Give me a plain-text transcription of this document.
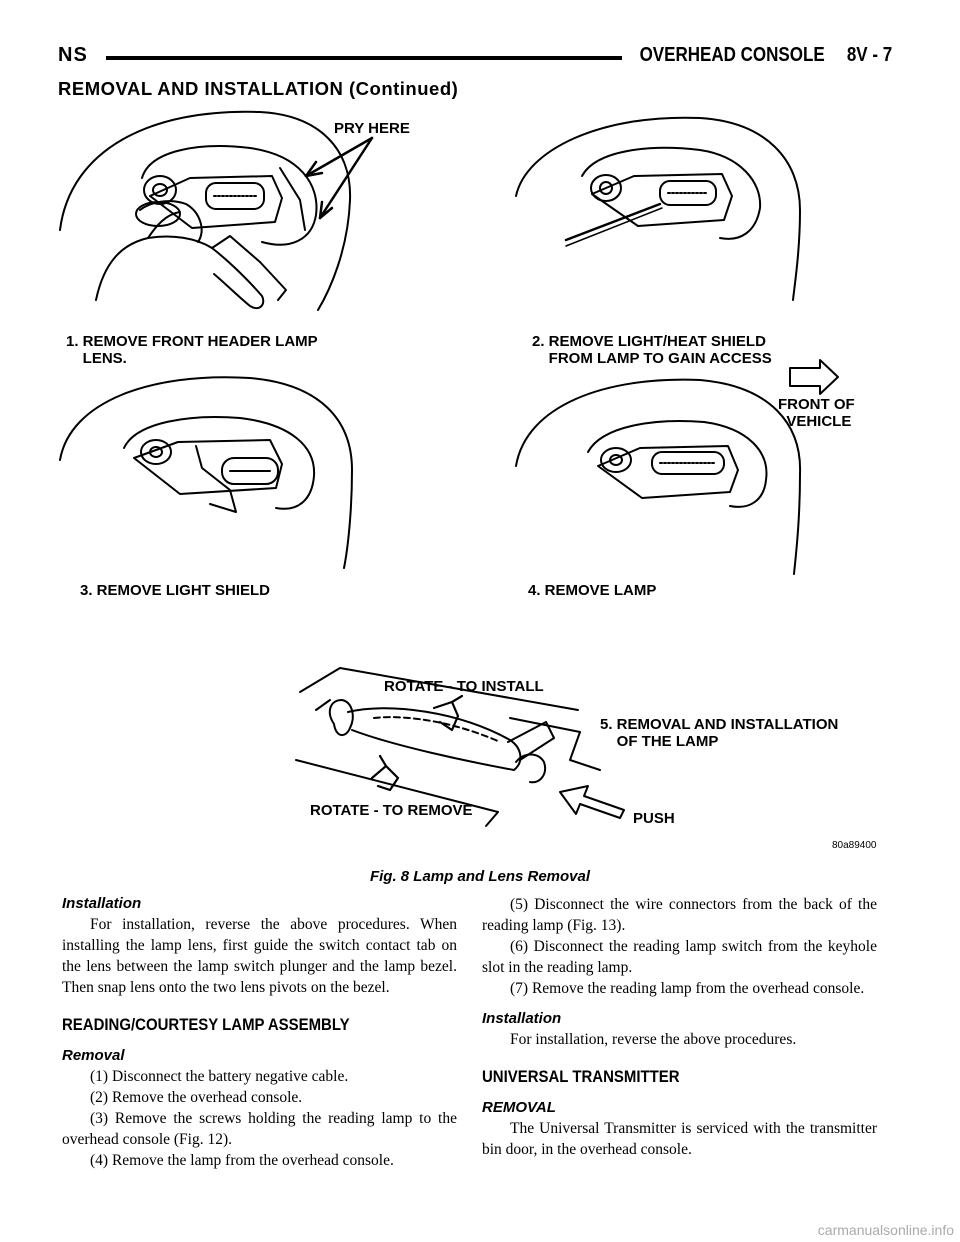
NS	OVERHEAD CONSOLE 8V - 7
REMOVAL AND INSTALLATION (Continued)
PRY HERE
1. REMOVE FRONT HEADER LAMP
LENS.
2. REMOVE LIGHT/HEAT SHIELD
FROM LAMP TO GAIN ACCESS
FRONT OF
VEHICLE
3. REMOVE LIGHT SHIELD	4. REMOVE LAMP
ROTATE - TO INSTALL
5. REMOVAL AND INSTALLATION
OF THE LAMP
ROTATE - TO REMOVE	PUSH
80a89400
Fig. 8 Lamp and Lens Removal

Installation

For installation, reverse the above procedures. When installing the lamp lens, first guide the switch contact tab on the lens between the lamp switch plunger and the lamp bezel. Then snap lens onto the two lens pivots on the bezel.

READING/COURTESY LAMP ASSEMBLY

Removal

(1) Disconnect the battery negative cable.

(2) Remove the overhead console.

(3) Remove the screws holding the reading lamp to the overhead console (Fig. 12).

(4) Remove the lamp from the overhead console.

(5) Disconnect the wire connectors from the back of the reading lamp (Fig. 13).

(6) Disconnect the reading lamp switch from the keyhole slot in the reading lamp.

(7) Remove the reading lamp from the overhead console.

Installation

For installation, reverse the above procedures.

UNIVERSAL TRANSMITTER

REMOVAL

The Universal Transmitter is serviced with the transmitter bin door, in the overhead console.

carmanualsonline.info
